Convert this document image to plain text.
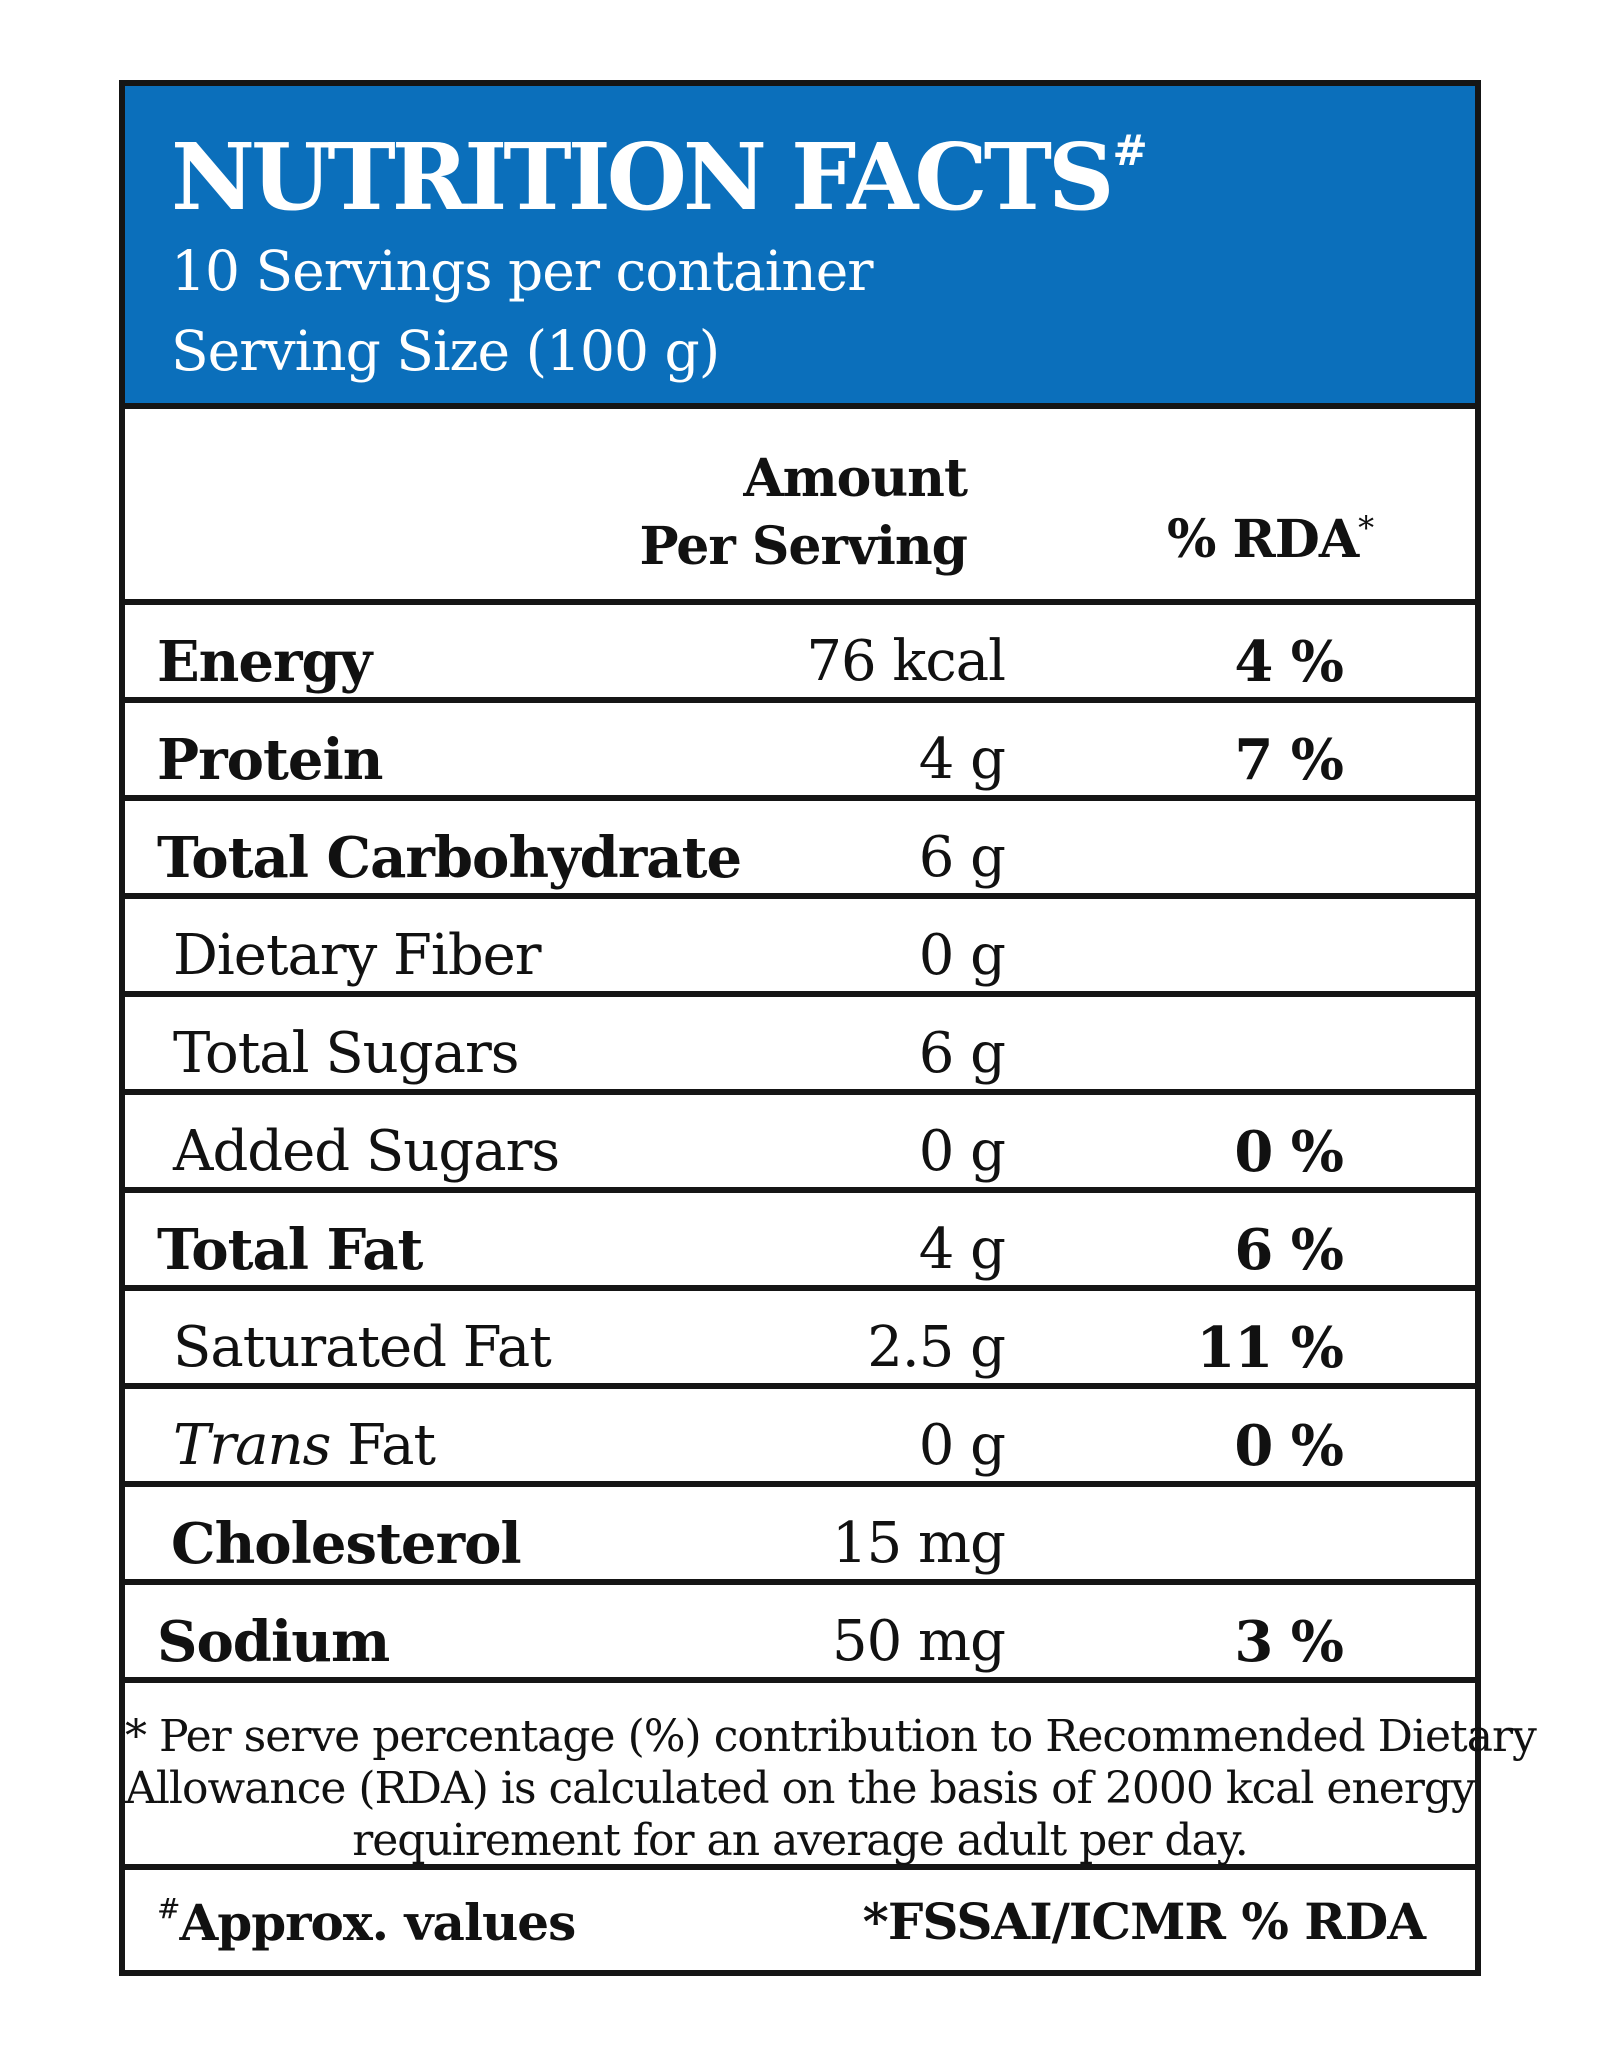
NUTRITION FACTS#
10 Servings per container
Serving Size (100 g)
Amount
Per Serving	% RDA*
Energy	76 kcal	4 %
Protein	4 g	7 %
Total Carbohydrate	6 g
Dietary Fiber	0 g
Total Sugars	6 g
Added Sugars	0 g	0 %
Total Fat	4 g	6 %
Saturated Fat	2.5 g	11 %
Trans Fat	0 g	0 %
Cholesterol	15 mg
Sodium	50 mg	3 %
* Per serve percentage (%) contribution to Recommended Dietary
Allowance (RDA) is calculated on the basis of 2000 kcal energy
requirement for an average adult per day.
#Approx. values	*FSSAI/ICMR % RDA
